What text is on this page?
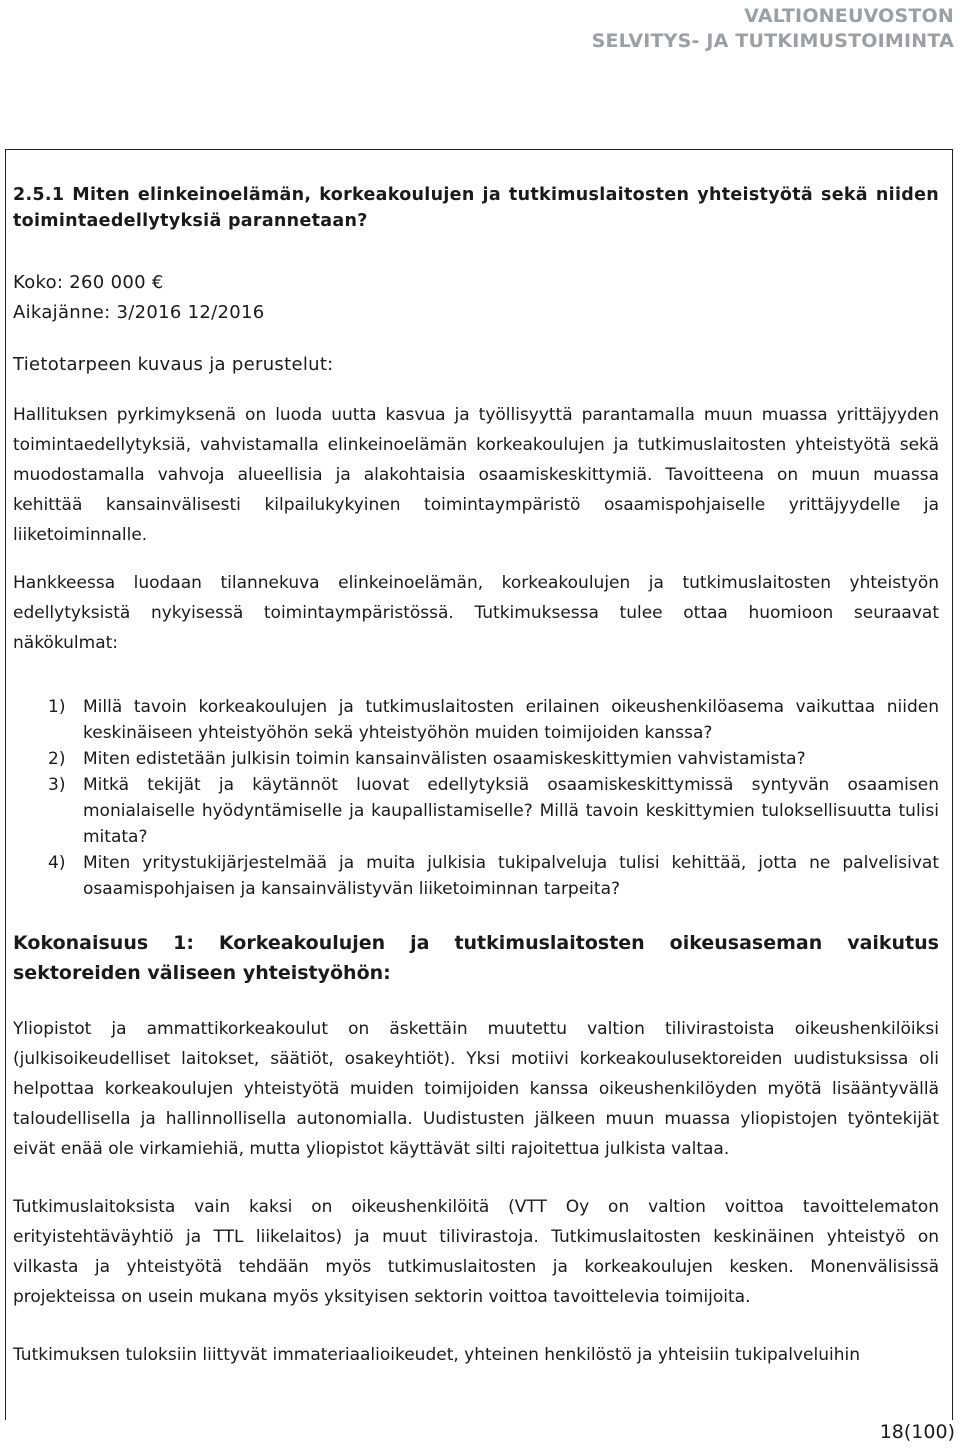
VALTIONEUVOSTON
SELVITYS- JA TUTKIMUSTOIMINTA

2.5.1 Miten elinkeinoelämän, korkeakoulujen ja tutkimuslaitosten yhteistyötä sekä niiden toimintaedellytyksiä parannetaan?

Koko: 260 000 €

Aikajänne: 3/2016 12/2016

Tietotarpeen kuvaus ja perustelut:

Hallituksen pyrkimyksenä on luoda uutta kasvua ja työllisyyttä parantamalla muun muassa yrittäjyyden toimintaedellytyksiä, vahvistamalla elinkeinoelämän korkeakoulujen ja tutkimuslaitosten yhteistyötä sekä muodostamalla vahvoja alueellisia ja alakohtaisia osaamiskeskittymiä. Tavoitteena on muun muassa kehittää kansainvälisesti kilpailukykyinen toimintaympäristö osaamispohjaiselle yrittäjyydelle ja liiketoiminnalle.

Hankkeessa luodaan tilannekuva elinkeinoelämän, korkeakoulujen ja tutkimuslaitosten yhteistyön edellytyksistä nykyisessä toimintaympäristössä. Tutkimuksessa tulee ottaa huomioon seuraavat näkökulmat:

1)	Millä tavoin korkeakoulujen ja tutkimuslaitosten erilainen oikeushenkilöasema vaikuttaa niiden keskinäiseen yhteistyöhön sekä yhteistyöhön muiden toimijoiden kanssa?
2)	Miten edistetään julkisin toimin kansainvälisten osaamiskeskittymien vahvistamista?
3)	Mitkä tekijät ja käytännöt luovat edellytyksiä osaamiskeskittymissä syntyvän osaamisen monialaiselle hyödyntämiselle ja kaupallistamiselle? Millä tavoin keskittymien tuloksellisuutta tulisi mitata?
4)	Miten yritystukijärjestelmää ja muita julkisia tukipalveluja tulisi kehittää, jotta ne palvelisivat osaamispohjaisen ja kansainvälistyvän liiketoiminnan tarpeita?

Kokonaisuus 1: Korkeakoulujen ja tutkimuslaitosten oikeusaseman vaikutus sektoreiden väliseen yhteistyöhön:

Yliopistot ja ammattikorkeakoulut on äskettäin muutettu valtion tilivirastoista oikeushenkilöiksi (julkisoikeudelliset laitokset, säätiöt, osakeyhtiöt). Yksi motiivi korkeakoulusektoreiden uudistuksissa oli helpottaa korkeakoulujen yhteistyötä muiden toimijoiden kanssa oikeushenkilöyden myötä lisääntyvällä taloudellisella ja hallinnollisella autonomialla. Uudistusten jälkeen muun muassa yliopistojen työntekijät eivät enää ole virkamiehiä, mutta yliopistot käyttävät silti rajoitettua julkista valtaa.

Tutkimuslaitoksista vain kaksi on oikeushenkilöitä (VTT Oy on valtion voittoa tavoittelematon erityistehtäväyhtiö ja TTL liikelaitos) ja muut tilivirastoja. Tutkimuslaitosten keskinäinen yhteistyö on vilkasta ja yhteistyötä tehdään myös tutkimuslaitosten ja korkeakoulujen kesken. Monenvälisissä projekteissa on usein mukana myös yksityisen sektorin voittoa tavoittelevia toimijoita.

Tutkimuksen tuloksiin liittyvät immateriaalioikeudet, yhteinen henkilöstö ja yhteisiin tukipalveluihin

18(100)
